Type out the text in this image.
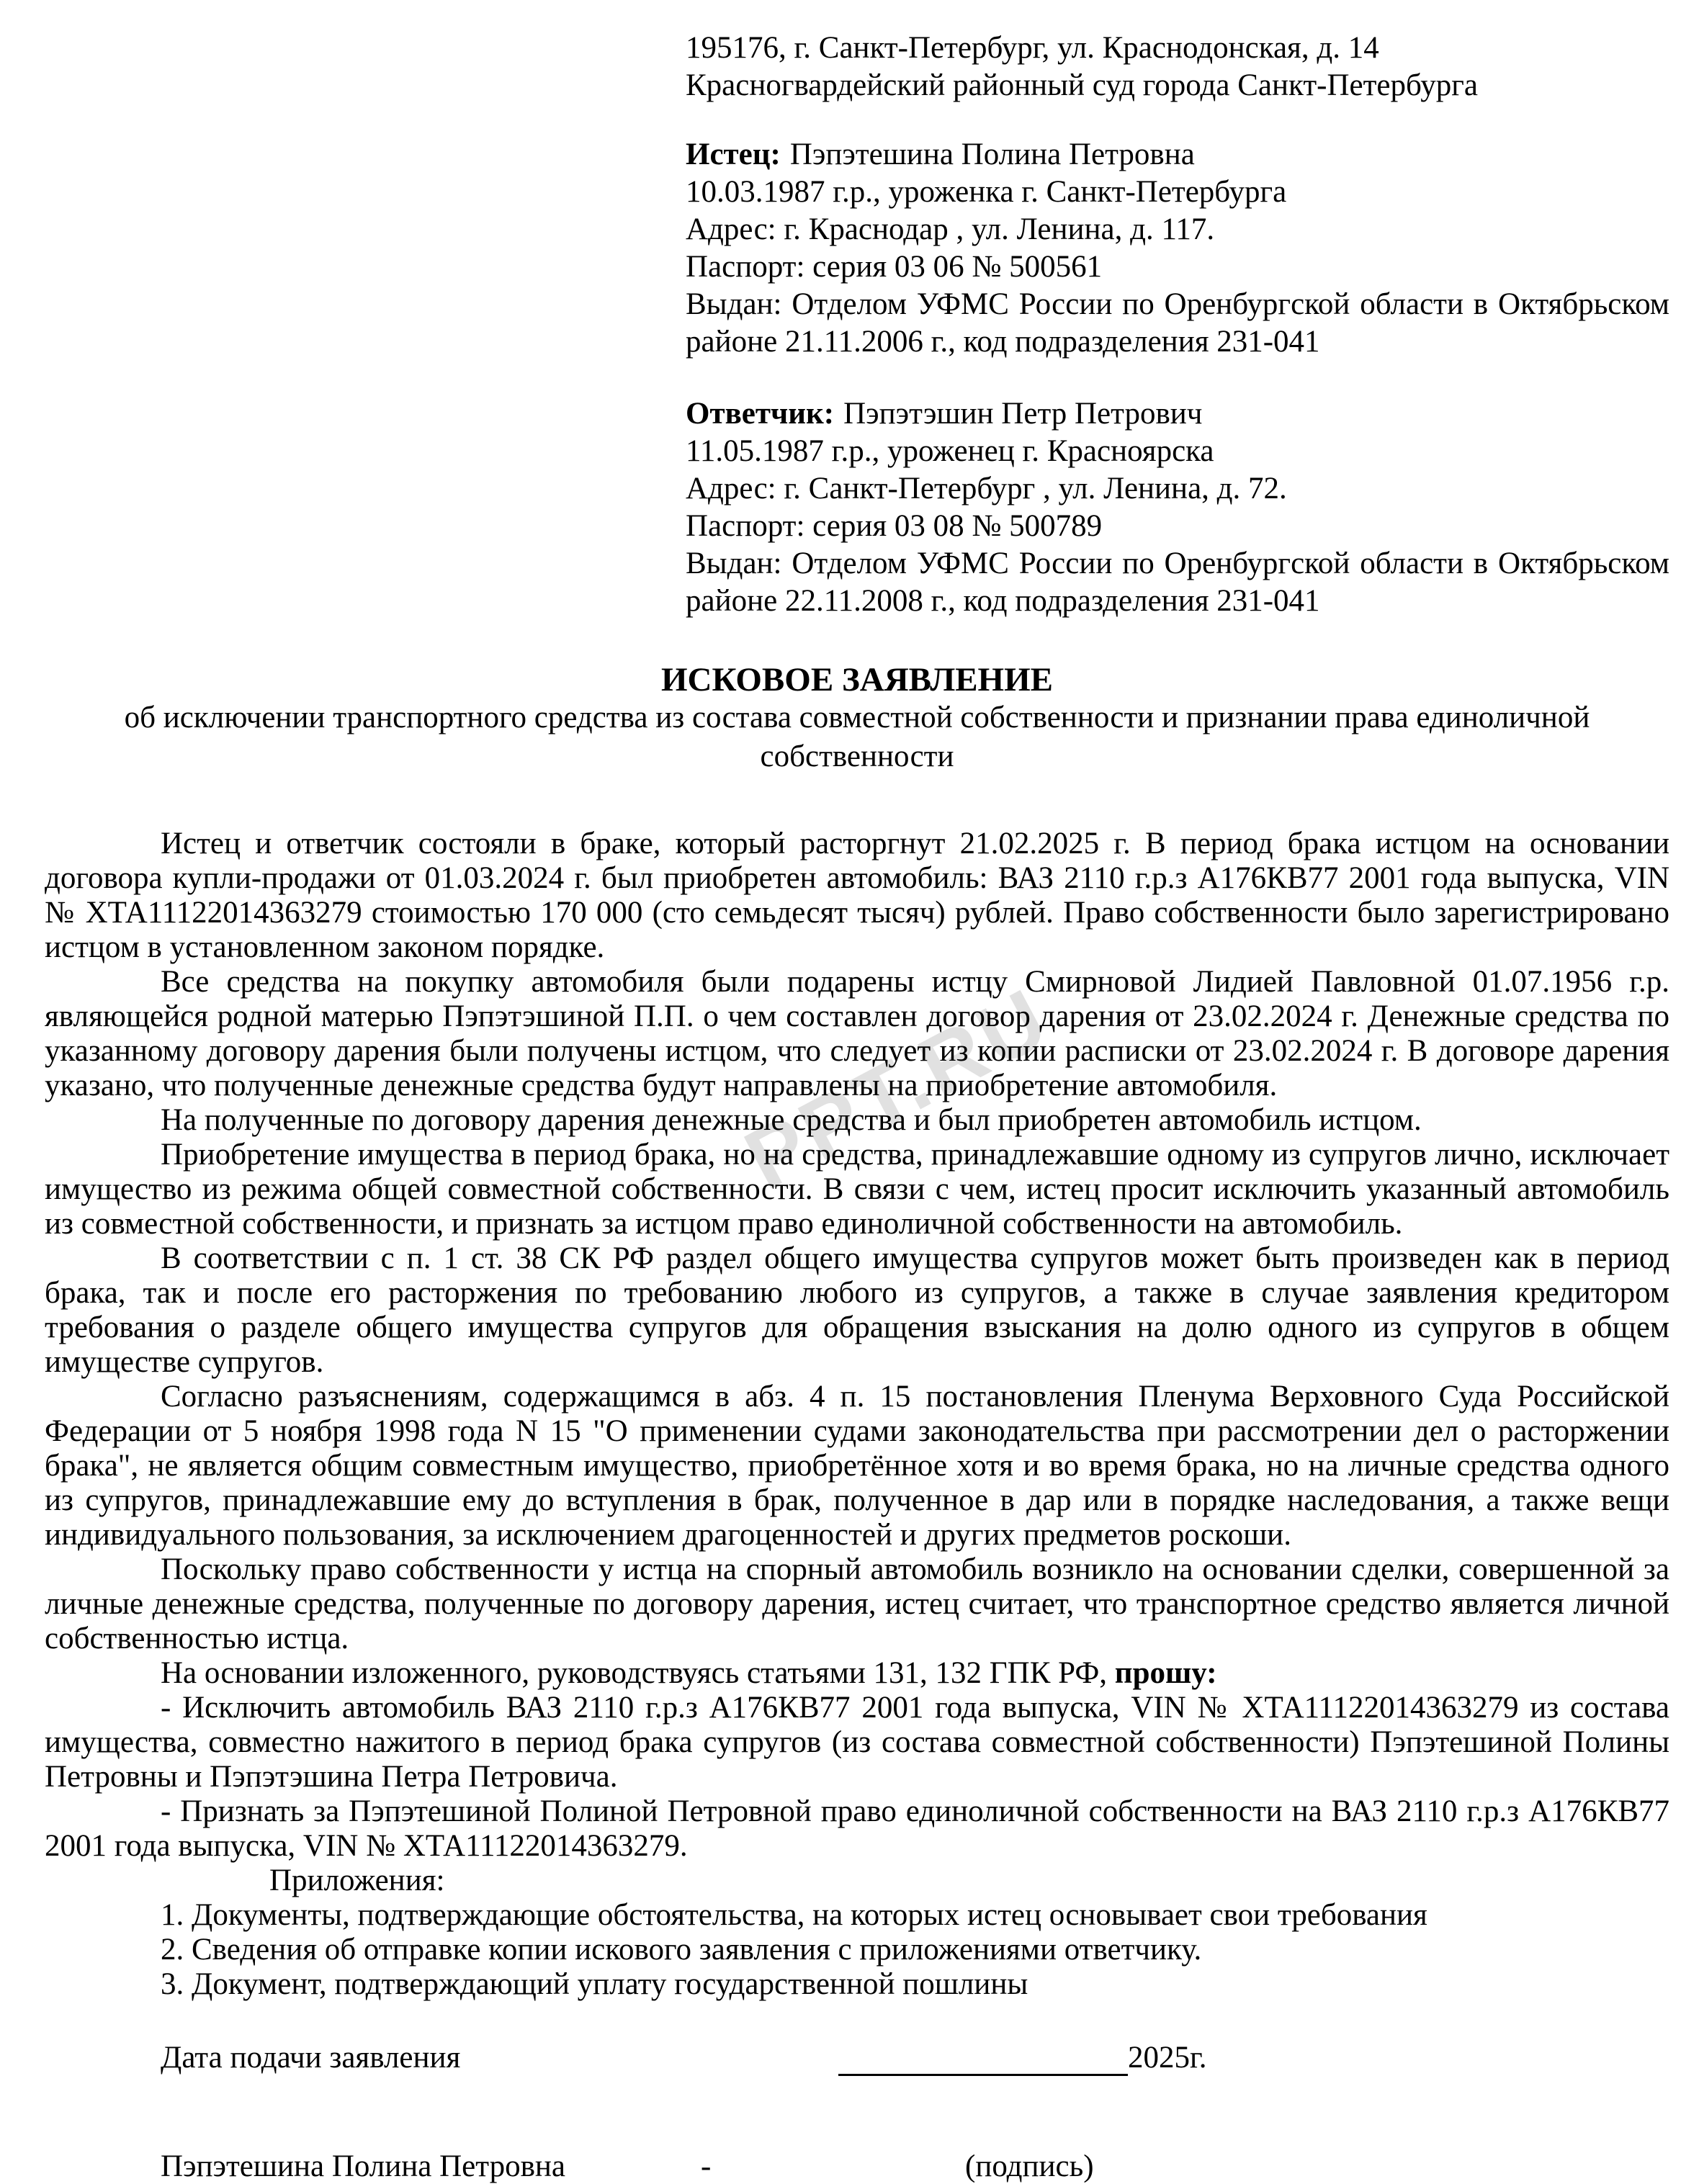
PPT.RU
195176, г. Санкт-Петербург, ул. Краснодонская, д. 14
Красногвардейский районный суд города Санкт-Петербурга
Истец: Пэпэтешина Полина Петровна
10.03.1987 г.р., уроженка г. Санкт-Петербурга
Адрес: г. Краснодар , ул. Ленина, д. 117.
Паспорт: серия 03 06 № 500561
Выдан: Отделом УФМС России по Оренбургской области в Октябрьском районе 21.11.2006 г., код подразделения 231-041
Ответчик: Пэпэтэшин Петр Петрович
11.05.1987 г.р., уроженец г. Красноярска
Адрес: г. Санкт-Петербург , ул. Ленина, д. 72.
Паспорт: серия 03 08 № 500789
Выдан: Отделом УФМС России по Оренбургской области в Октябрьском районе 22.11.2008 г., код подразделения 231-041
ИСКОВОЕ ЗАЯВЛЕНИЕ
об исключении транспортного средства из состава совместной собственности и признании права единоличной собственности

Истец и ответчик состояли в браке, который расторгнут 21.02.2025 г. В период брака истцом на основании договора купли-продажи от 01.03.2024 г. был приобретен автомобиль: ВАЗ 2110 г.р.з А176КВ77 2001 года выпуска, VIN № ХТА11122014363279 стоимостью 170 000 (сто семьдесят тысяч) рублей. Право собственности было зарегистрировано истцом в установленном законом порядке.

Все средства на покупку автомобиля были подарены истцу Смирновой Лидией Павловной 01.07.1956 г.р. являющейся родной матерью Пэпэтэшиной П.П. о чем составлен договор дарения от 23.02.2024 г. Денежные средства по указанному договору дарения были получены истцом, что следует из копии расписки от 23.02.2024 г. В договоре дарения указано, что полученные денежные средства будут направлены на приобретение автомобиля.

На полученные по договору дарения денежные средства и был приобретен автомобиль истцом.

Приобретение имущества в период брака, но на средства, принадлежавшие одному из супругов лично, исключает имущество из режима общей совместной собственности. В связи с чем, истец просит исключить указанный автомобиль из совместной собственности, и признать за истцом право единоличной собственности на автомобиль.

В соответствии с п. 1 ст. 38 СК РФ раздел общего имущества супругов может быть произведен как в период брака, так и после его расторжения по требованию любого из супругов, а также в случае заявления кредитором требования о разделе общего имущества супругов для обращения взыскания на долю одного из супругов в общем имуществе супругов.

Согласно разъяснениям, содержащимся в абз. 4 п. 15 постановления Пленума Верховного Суда Российской Федерации от 5 ноября 1998 года N 15 "О применении судами законодательства при рассмотрении дел о расторжении брака", не является общим совместным имущество, приобретённое хотя и во время брака, но на личные средства одного из супругов, принадлежавшие ему до вступления в брак, полученное в дар или в порядке наследования, а также вещи индивидуального пользования, за исключением драгоценностей и других предметов роскоши.

Поскольку право собственности у истца на спорный автомобиль возникло на основании сделки, совершенной за личные денежные средства, полученные по договору дарения, истец считает, что транспортное средство является личной собственностью истца.

На основании изложенного, руководствуясь статьями 131, 132 ГПК РФ, прошу:

- Исключить автомобиль ВАЗ 2110 г.р.з А176КВ77 2001 года выпуска, VIN № ХТА11122014363279 из состава имущества, совместно нажитого в период брака супругов (из состава совместной собственности) Пэпэтешиной Полины Петровны и Пэпэтэшина Петра Петровича.

- Признать за Пэпэтешиной Полиной Петровной право единоличной собственности на ВАЗ 2110 г.р.з А176КВ77 2001 года выпуска, VIN № ХТА11122014363279.

Приложения:

1. Документы, подтверждающие обстоятельства, на которых истец основывает свои требования

2. Сведения об отправке копии искового заявления с приложениями ответчику.

3. Документ, подтверждающий уплату государственной пошлины

Дата подачи заявления	2025г.
Пэпэтешина Полина Петровна	-	(подпись)
